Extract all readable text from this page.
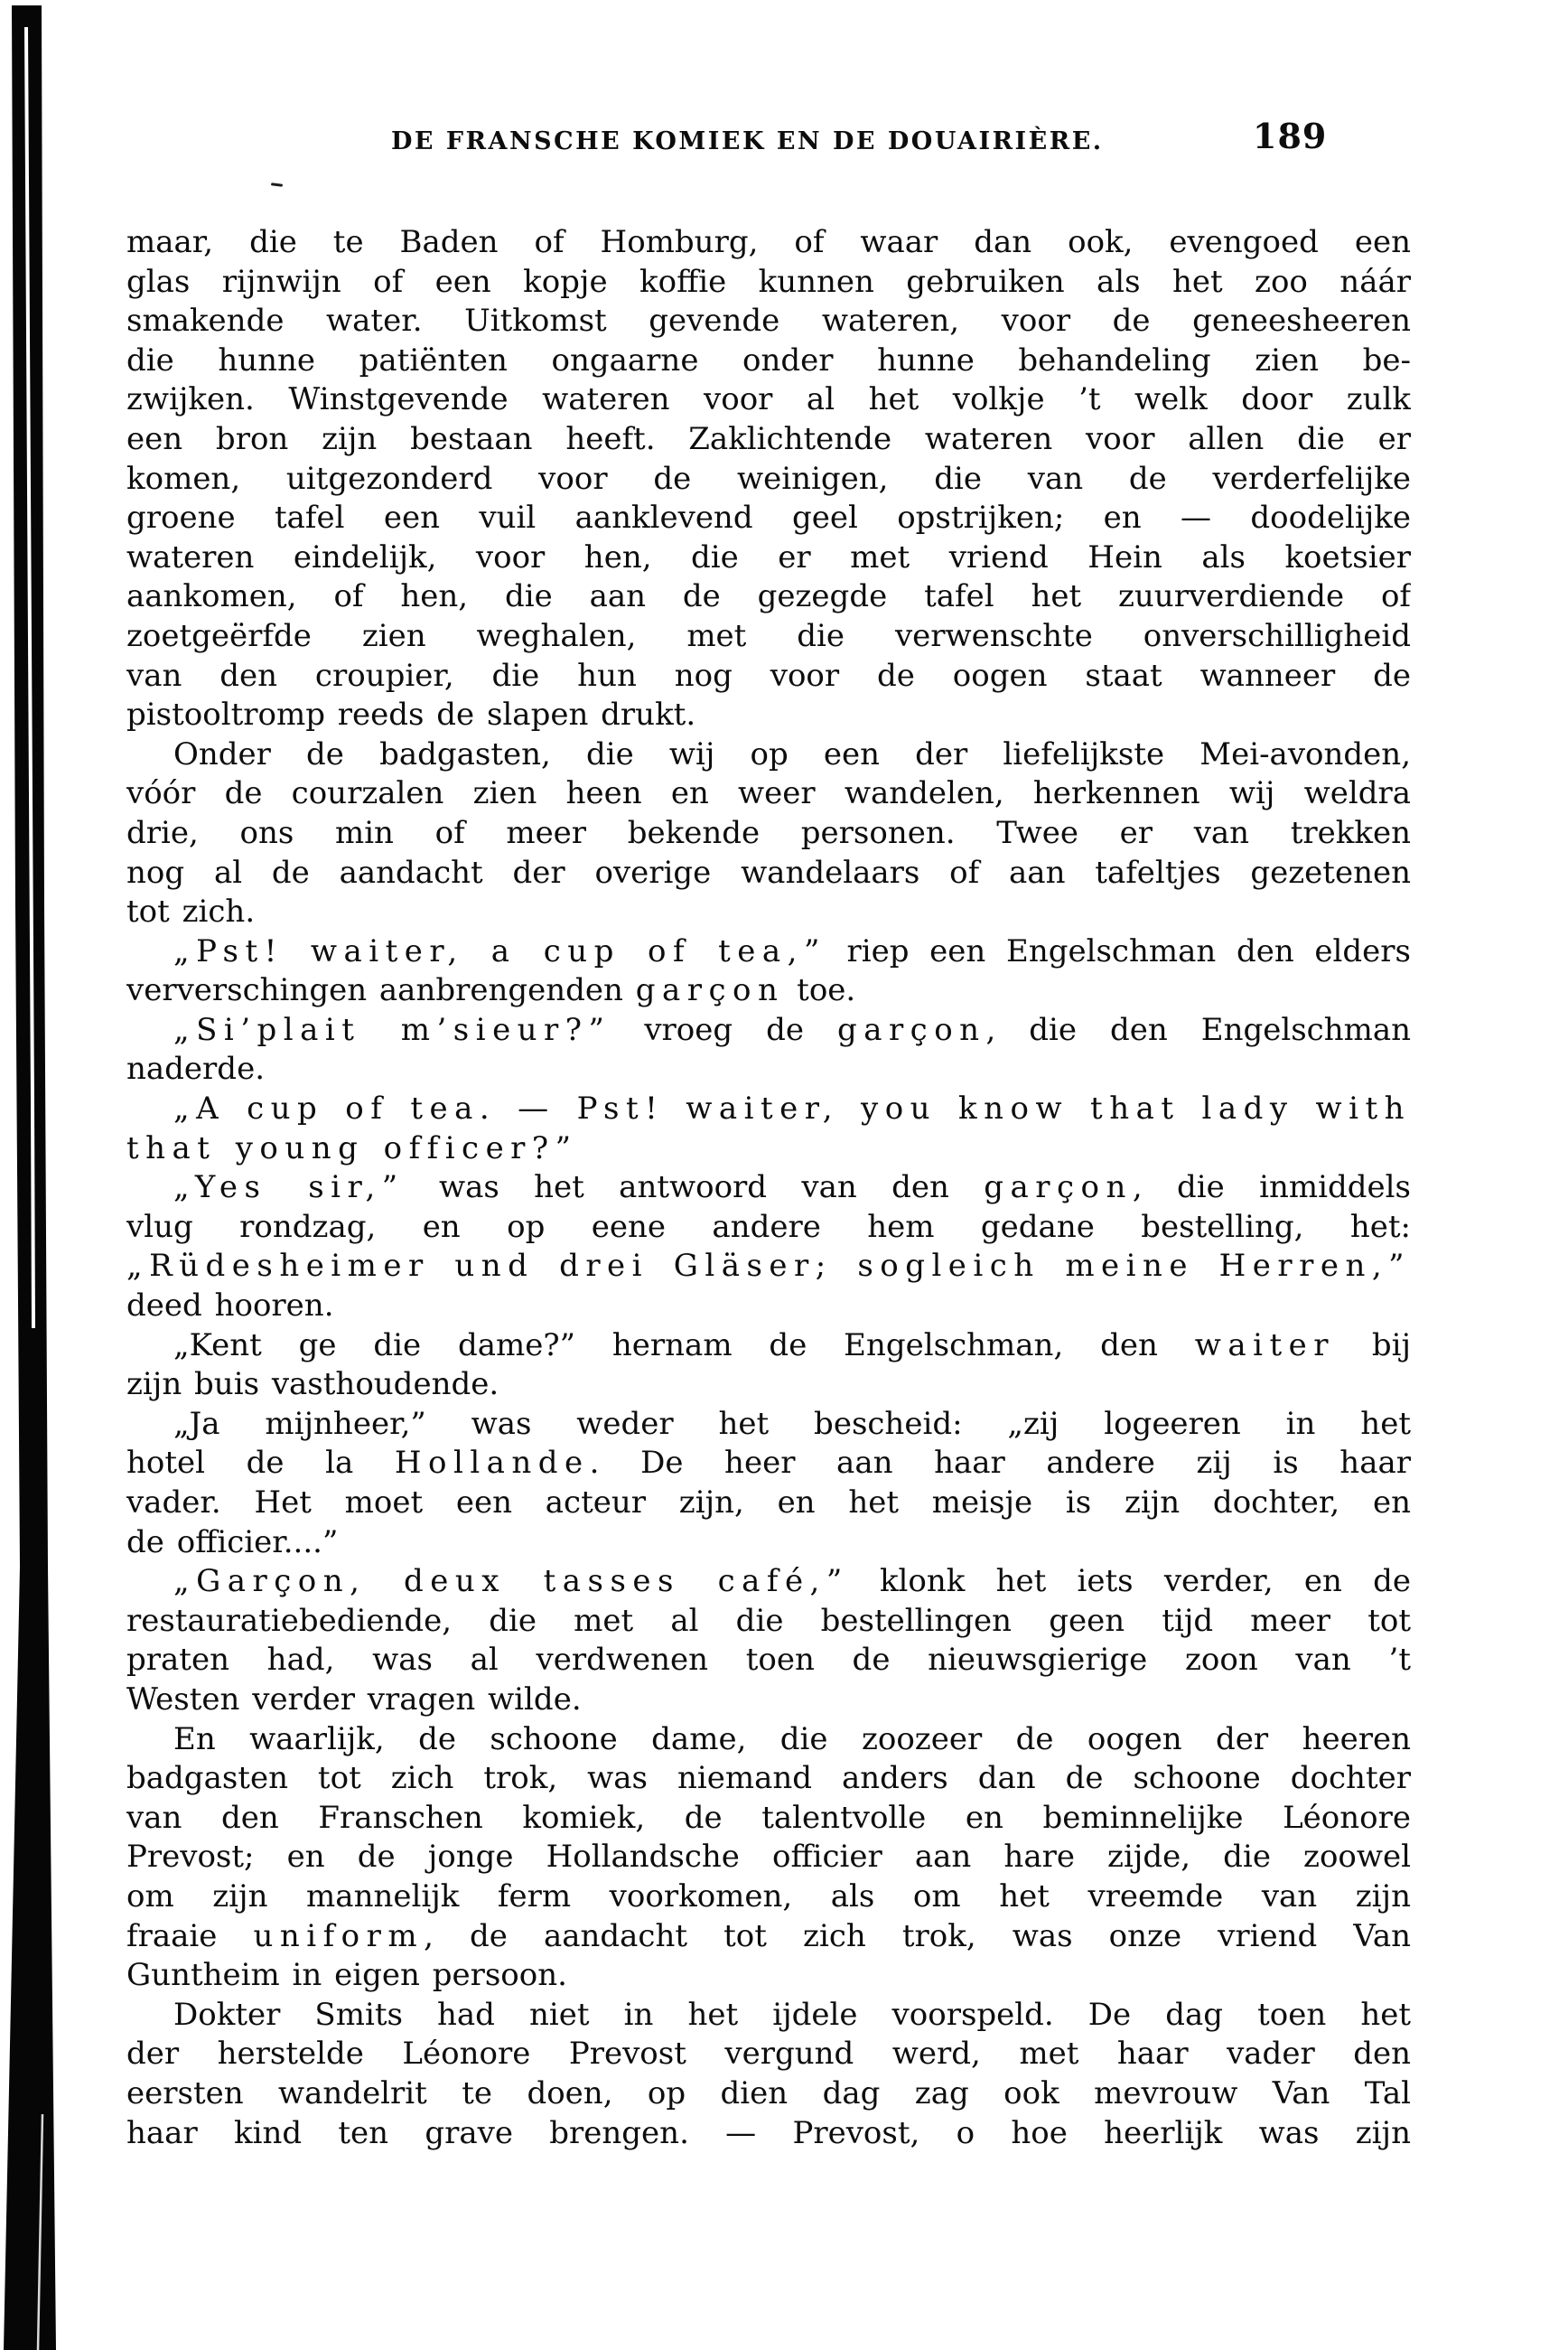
DE FRANSCHE KOMIEK EN DE DOUAIRIÈRE.	189
maar, die te Baden of Homburg, of waar dan ook, evengoed een
glas rijnwijn of een kopje koffie kunnen gebruiken als het zoo náár
smakende water. Uitkomst gevende wateren, voor de geneesheeren
die hunne patiënten ongaarne onder hunne behandeling zien be-
zwijken. Winstgevende wateren voor al het volkje ’t welk door zulk
een bron zijn bestaan heeft. Zaklichtende wateren voor allen die er
komen, uitgezonderd voor de weinigen, die van de verderfelijke
groene tafel een vuil aanklevend geel opstrijken; en — doodelijke
wateren eindelijk, voor hen, die er met vriend Hein als koetsier
aankomen, of hen, die aan de gezegde tafel het zuurverdiende of
zoetgeërfde zien weghalen, met die verwenschte onverschilligheid
van den croupier, die hun nog voor de oogen staat wanneer de
pistooltromp reeds de slapen drukt.
Onder de badgasten, die wij op een der liefelijkste Mei-avonden,
vóór de courzalen zien heen en weer wandelen, herkennen wij weldra
drie, ons min of meer bekende personen. Twee er van trekken
nog al de aandacht der overige wandelaars of aan tafeltjes gezetenen
tot zich.
„Pst! waiter, a cup of tea,” riep een Engelschman den elders
ververschingen aanbrengenden garçon toe.
„Si’plait m’sieur?” vroeg de garçon, die den Engelschman
naderde.
„A cup of tea. — Pst! waiter, you know that lady with
that young officer?”
„Yes sir,” was het antwoord van den garçon, die inmiddels
vlug rondzag, en op eene andere hem gedane bestelling, het:
„Rüdesheimer und drei Gläser; sogleich meine Herren,”
deed hooren.
„Kent ge die dame?” hernam de Engelschman, den waiter bij
zijn buis vasthoudende.
„Ja mijnheer,” was weder het bescheid: „zij logeeren in het
hotel de la Hollande. De heer aan haar andere zij is haar
vader. Het moet een acteur zijn, en het meisje is zijn dochter, en
de officier....”
„Garçon, deux tasses café,” klonk het iets verder, en de
restauratiebediende, die met al die bestellingen geen tijd meer tot
praten had, was al verdwenen toen de nieuwsgierige zoon van ’t
Westen verder vragen wilde.
En waarlijk, de schoone dame, die zoozeer de oogen der heeren
badgasten tot zich trok, was niemand anders dan de schoone dochter
van den Franschen komiek, de talentvolle en beminnelijke Léonore
Prevost; en de jonge Hollandsche officier aan hare zijde, die zoowel
om zijn mannelijk ferm voorkomen, als om het vreemde van zijn
fraaie uniform, de aandacht tot zich trok, was onze vriend Van
Guntheim in eigen persoon.
Dokter Smits had niet in het ijdele voorspeld. De dag toen het
der herstelde Léonore Prevost vergund werd, met haar vader den
eersten wandelrit te doen, op dien dag zag ook mevrouw Van Tal
haar kind ten grave brengen. — Prevost, o hoe heerlijk was zijn
